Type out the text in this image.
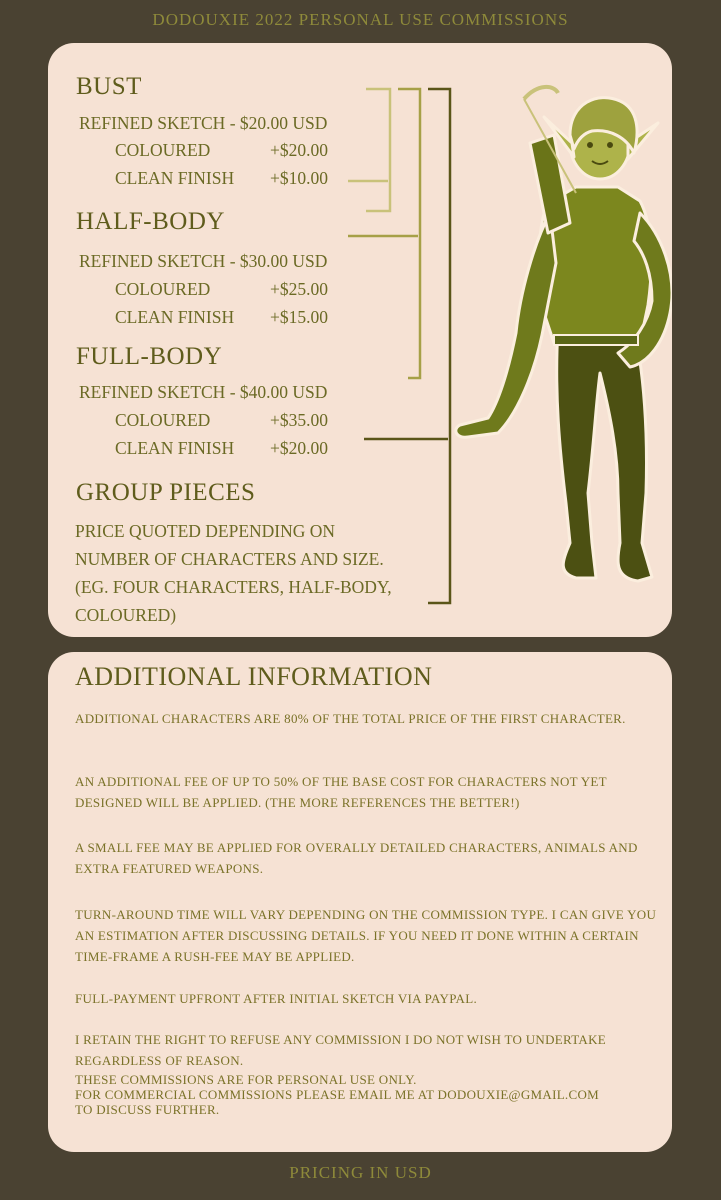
DODOUXIE 2022 PERSONAL USE COMMISSIONS
BUST
REFINED SKETCH - $20.00 USD
COLOURED	+$20.00
CLEAN FINISH +$10.00
HALF-BODY
REFINED SKETCH - $30.00 USD
COLOURED	+$25.00
CLEAN FINISH +$15.00
FULL-BODY
REFINED SKETCH - $40.00 USD
COLOURED	+$35.00
CLEAN FINISH +$20.00
GROUP PIECES
PRICE QUOTED DEPENDING ON
NUMBER OF CHARACTERS AND SIZE.
(EG. FOUR CHARACTERS, HALF-BODY,
COLOURED)
ADDITIONAL INFORMATION

ADDITIONAL CHARACTERS ARE 80% OF THE TOTAL PRICE OF THE FIRST CHARACTER.

AN ADDITIONAL FEE OF UP TO 50% OF THE BASE COST FOR CHARACTERS NOT YET DESIGNED WILL BE APPLIED. (THE MORE REFERENCES THE BETTER!)

A SMALL FEE MAY BE APPLIED FOR OVERALLY DETAILED CHARACTERS, ANIMALS AND EXTRA FEATURED WEAPONS.

TURN-AROUND TIME WILL VARY DEPENDING ON THE COMMISSION TYPE. I CAN GIVE YOU AN ESTIMATION AFTER DISCUSSING DETAILS. IF YOU NEED IT DONE WITHIN A CERTAIN TIME-FRAME A RUSH-FEE MAY BE APPLIED.

FULL-PAYMENT UPFRONT AFTER INITIAL SKETCH VIA PAYPAL.

I RETAIN THE RIGHT TO REFUSE ANY COMMISSION I DO NOT WISH TO UNDERTAKE REGARDLESS OF REASON.

THESE COMMISSIONS ARE FOR PERSONAL USE ONLY.
FOR COMMERCIAL COMMISSIONS PLEASE EMAIL ME AT DODOUXIE@GMAIL.COM
TO DISCUSS FURTHER.
PRICING IN USD
